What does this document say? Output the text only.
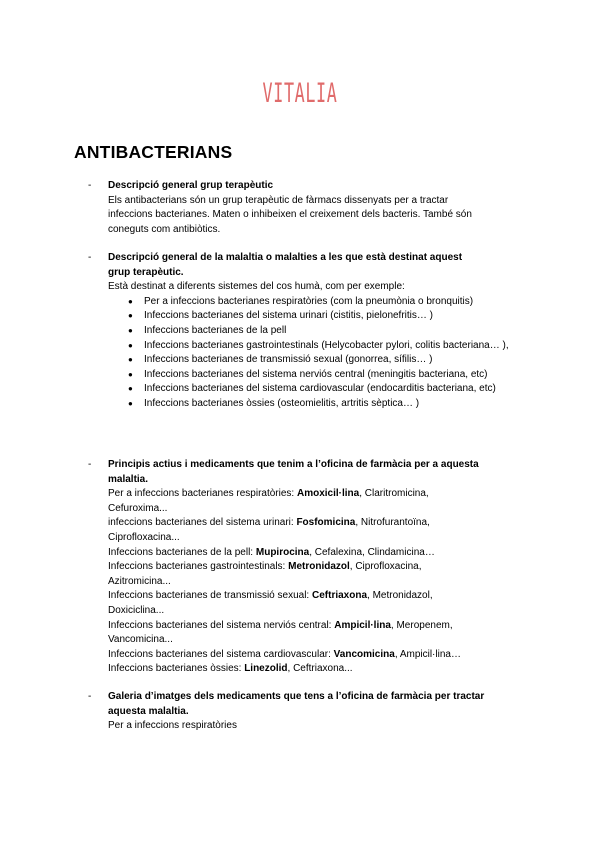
VITALIA
ANTIBACTERIANS
- Descripció general grup terapèutic
Els antibacterians són un grup terapèutic de fàrmacs dissenyats per a tractar
infeccions bacterianes. Maten o inhibeixen el creixement dels bacteris. També són
coneguts com antibiòtics.
- Descripció general de la malaltia o malalties a les que està destinat aquest
grup terapèutic.
Està destinat a diferents sistemes del cos humà, com per exemple:
● Per a infeccions bacterianes respiratòries (com la pneumònia o bronquitis)
● Infeccions bacterianes del sistema urinari (cistitis, pielonefritis… )
● Infeccions bacterianes de la pell
● Infeccions bacterianes gastrointestinals (Helycobacter pylori, colitis bacteriana… ),
● Infeccions bacterianes de transmissió sexual (gonorrea, sífilis… )
● Infeccions bacterianes del sistema nerviós central (meningitis bacteriana, etc)
● Infeccions bacterianes del sistema cardiovascular (endocarditis bacteriana, etc)
● Infeccions bacterianes òssies (osteomielitis, artritis sèptica… )
- Principis actius i medicaments que tenim a l’oficina de farmàcia per a aquesta
malaltia.
Per a infeccions bacterianes respiratòries: Amoxicil·lina, Claritromicina,
Cefuroxima...
infeccions bacterianes del sistema urinari: Fosfomicina, Nitrofurantoïna,
Ciprofloxacina...
Infeccions bacterianes de la pell: Mupirocina, Cefalexina, Clindamicina…
Infeccions bacterianes gastrointestinals: Metronidazol, Ciprofloxacina,
Azitromicina...
Infeccions bacterianes de transmissió sexual: Ceftriaxona, Metronidazol,
Doxiciclina...
Infeccions bacterianes del sistema nerviós central: Ampicil·lina, Meropenem,
Vancomicina...
Infeccions bacterianes del sistema cardiovascular: Vancomicina, Ampicil·lina…
Infeccions bacterianes òssies: Linezolid, Ceftriaxona...
- Galeria d’imatges dels medicaments que tens a l’oficina de farmàcia per tractar
aquesta malaltia.
Per a infeccions respiratòries
